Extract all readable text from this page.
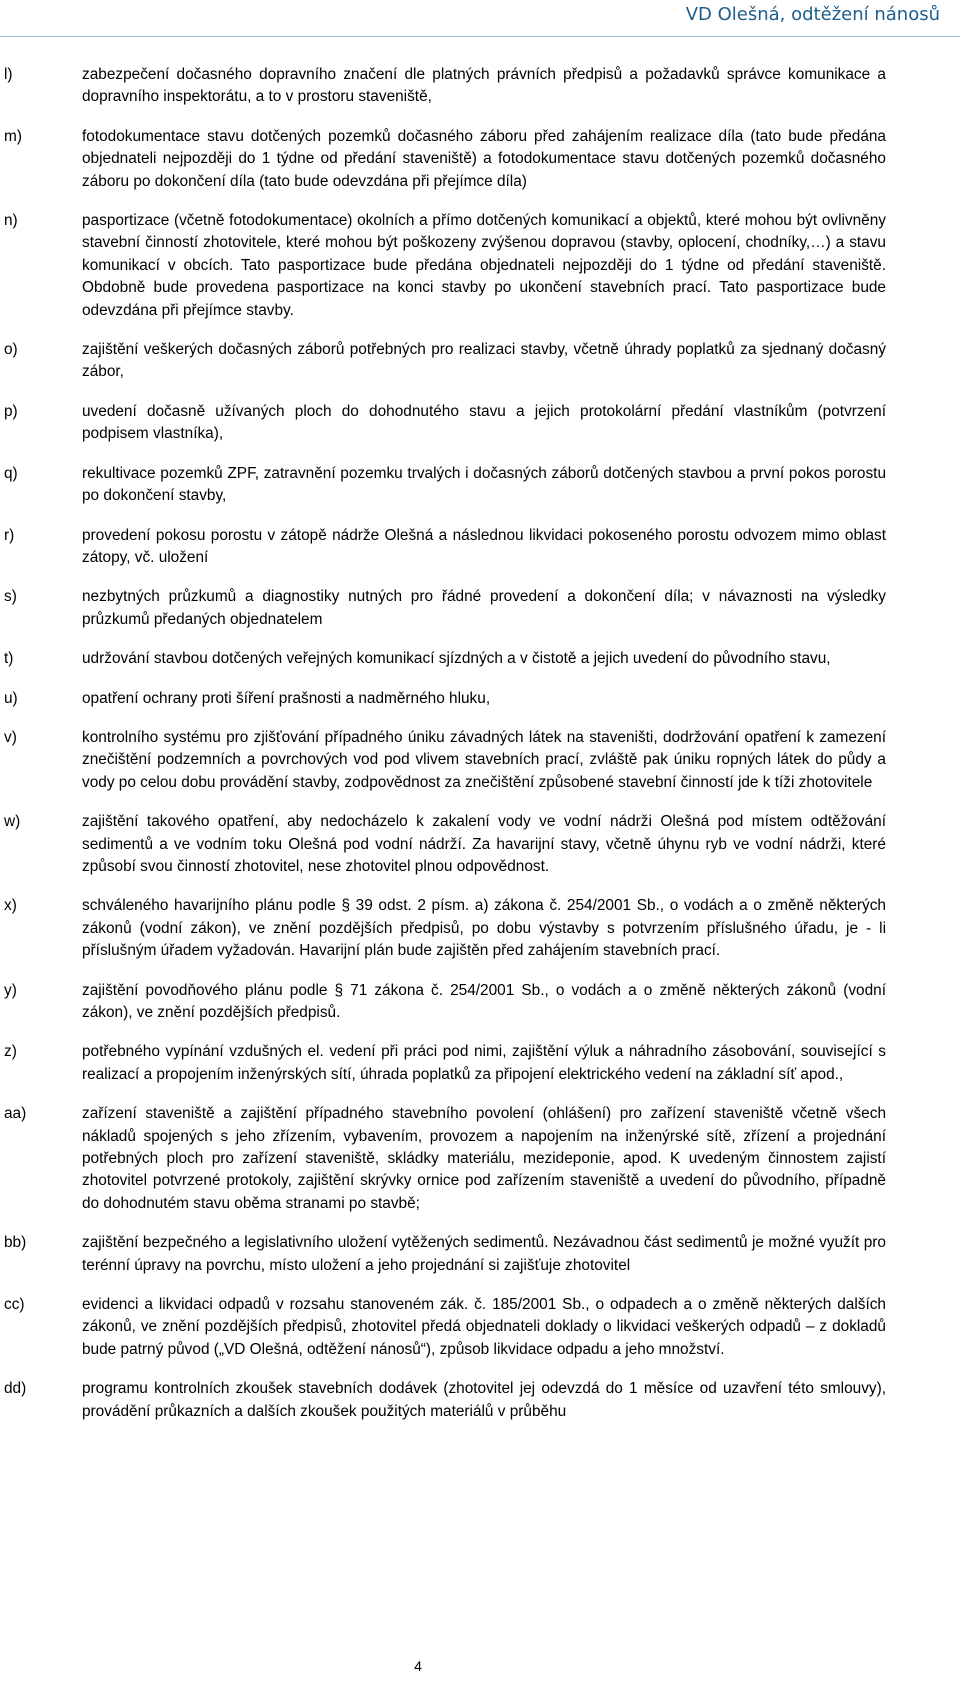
VD Olešná, odtěžení nánosů
l)	zabezpečení dočasného dopravního značení dle platných právních předpisů a požadavků správce komunikace a dopravního inspektorátu, a to v prostoru staveniště,
m)	fotodokumentace stavu dotčených pozemků dočasného záboru před zahájením realizace díla (tato bude předána objednateli nejpozději do 1 týdne od předání staveniště) a fotodokumentace stavu dotčených pozemků dočasného záboru po dokončení díla (tato bude odevzdána při přejímce díla)
n)	pasportizace (včetně fotodokumentace) okolních a přímo dotčených komunikací a objektů, které mohou být ovlivněny stavební činností zhotovitele, které mohou být poškozeny zvýšenou dopravou (stavby, oplocení, chodníky,…) a stavu komunikací v obcích. Tato pasportizace bude předána objednateli nejpozději do 1 týdne od předání staveniště. Obdobně bude provedena pasportizace na konci stavby po ukončení stavebních prací. Tato pasportizace bude odevzdána při přejímce stavby.
o)	zajištění veškerých dočasných záborů potřebných pro realizaci stavby, včetně úhrady poplatků za sjednaný dočasný zábor,
p)	uvedení dočasně užívaných ploch do dohodnutého stavu a jejich protokolární předání vlastníkům (potvrzení podpisem vlastníka),
q)	rekultivace pozemků ZPF, zatravnění pozemku trvalých i dočasných záborů dotčených stavbou a první pokos porostu po dokončení stavby,
r)	provedení pokosu porostu v zátopě nádrže Olešná a následnou likvidaci pokoseného porostu odvozem mimo oblast zátopy, vč. uložení
s)	nezbytných průzkumů a diagnostiky nutných pro řádné provedení a dokončení díla; v návaznosti na výsledky průzkumů předaných objednatelem
t)	udržování stavbou dotčených veřejných komunikací sjízdných a v čistotě a jejich uvedení do původního stavu,
u)	opatření ochrany proti šíření prašnosti a nadměrného hluku,
v)	kontrolního systému pro zjišťování případného úniku závadných látek na staveništi, dodržování opatření k zamezení znečištění podzemních a povrchových vod pod vlivem stavebních prací, zvláště pak úniku ropných látek do půdy a vody po celou dobu provádění stavby, zodpovědnost za znečištění způsobené stavební činností jde k tíži zhotovitele
w)	zajištění takového opatření, aby nedocházelo k zakalení vody ve vodní nádrži Olešná pod místem odtěžování sedimentů a ve vodním toku Olešná pod vodní nádrží. Za havarijní stavy, včetně úhynu ryb ve vodní nádrži, které způsobí svou činností zhotovitel, nese zhotovitel plnou odpovědnost.
x)	schváleného havarijního plánu podle § 39 odst. 2 písm. a) zákona č. 254/2001 Sb., o vodách a o změně některých zákonů (vodní zákon), ve znění pozdějších předpisů, po dobu výstavby s potvrzením příslušného úřadu, je - li příslušným úřadem vyžadován. Havarijní plán bude zajištěn před zahájením stavebních prací.
y)	zajištění povodňového plánu podle § 71 zákona č. 254/2001 Sb., o vodách a o změně některých zákonů (vodní zákon), ve znění pozdějších předpisů.
z)	potřebného vypínání vzdušných el. vedení při práci pod nimi, zajištění výluk a náhradního zásobování, související s realizací a propojením inženýrských sítí, úhrada poplatků za připojení elektrického vedení na základní síť apod.,
aa)	zařízení staveniště a zajištění případného stavebního povolení (ohlášení) pro zařízení staveniště včetně všech nákladů spojených s jeho zřízením, vybavením, provozem a napojením na inženýrské sítě, zřízení a projednání potřebných ploch pro zařízení staveniště, skládky materiálu, mezideponie, apod. K uvedeným činnostem zajistí zhotovitel potvrzené protokoly, zajištění skrývky ornice pod zařízením staveniště a uvedení do původního, případně do dohodnutém stavu oběma stranami po stavbě;
bb)	zajištění bezpečného a legislativního uložení vytěžených sedimentů. Nezávadnou část sedimentů je možné využít pro terénní úpravy na povrchu, místo uložení a jeho projednání si zajišťuje zhotovitel
cc)	evidenci a likvidaci odpadů v rozsahu stanoveném zák. č. 185/2001 Sb., o odpadech a o změně některých dalších zákonů, ve znění pozdějších předpisů, zhotovitel předá objednateli doklady o likvidaci veškerých odpadů – z dokladů bude patrný původ („VD Olešná, odtěžení nánosů“), způsob likvidace odpadu a jeho množství.
dd)	programu kontrolních zkoušek stavebních dodávek (zhotovitel jej odevzdá do 1 měsíce od uzavření této smlouvy), provádění průkazních a dalších zkoušek použitých materiálů v průběhu
4
